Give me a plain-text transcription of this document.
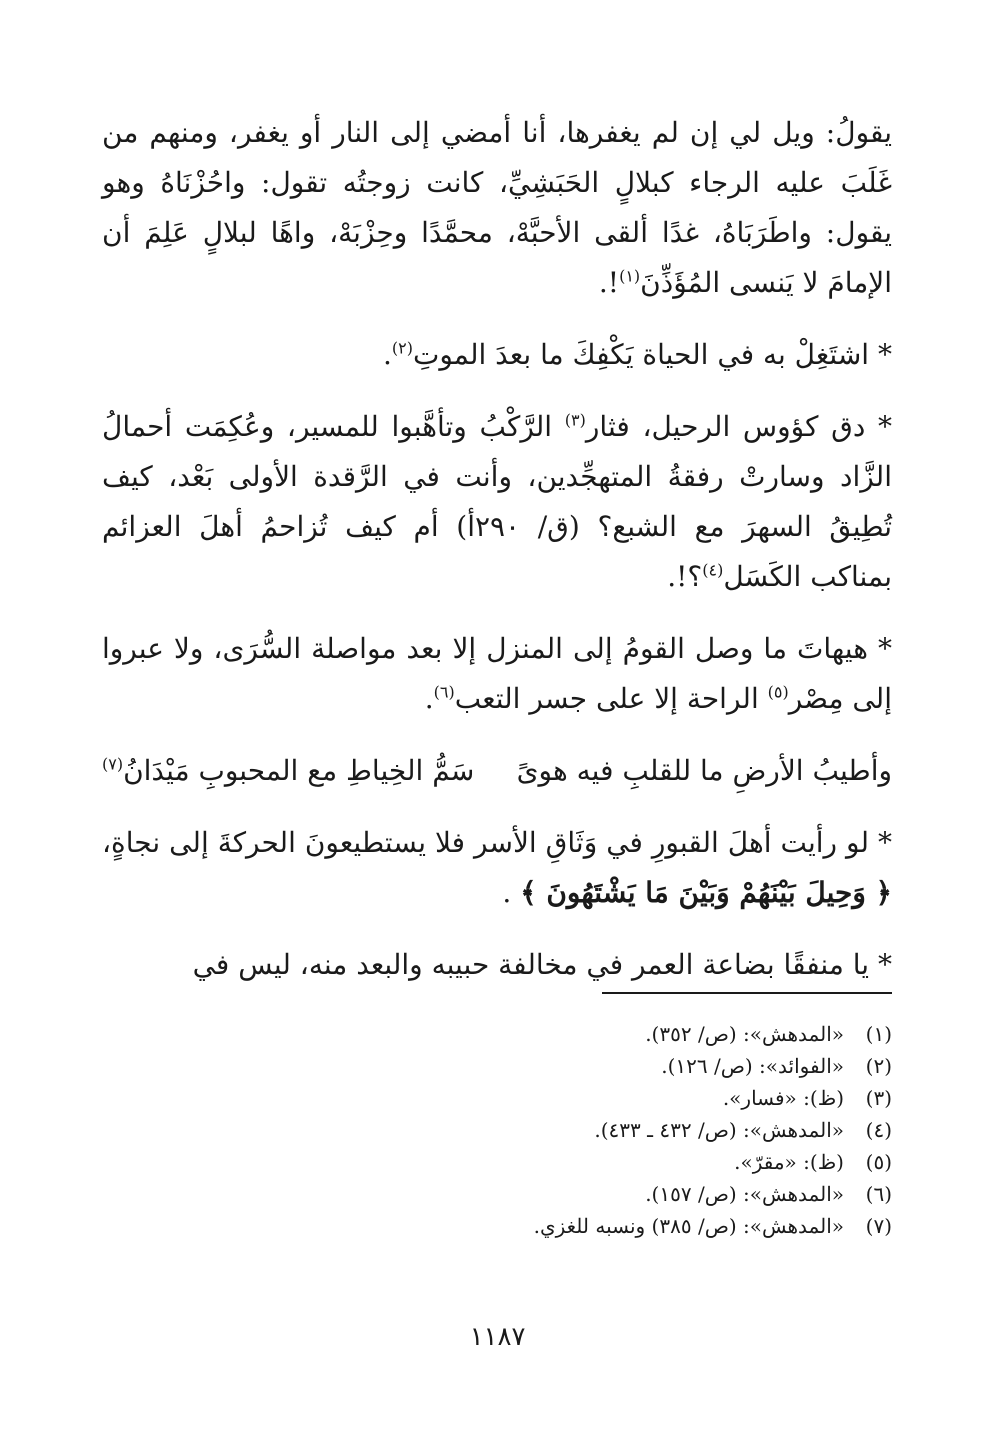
يقولُ: ويل لي إن لم يغفرها، أنا أمضي إلى النار أو يغفر، ومنهم من غَلَبَ عليه الرجاء كبلالٍ الحَبَشِيِّ، كانت زوجتُه تقول: واحُزْنَاهُ وهو يقول: واطَرَبَاهُ، غدًا ألقى الأحبَّهْ، محمَّدًا وحِزْبَهْ، واهًا لبلالٍ عَلِمَ أن الإمامَ لا يَنسى المُؤَذِّنَ$^{(١)}$!.

* اشتَغِلْ به في الحياة يَكْفِكَ ما بعدَ الموتِ$^{(٢)}$.

* دق كؤوس الرحيل، فثار$^{(٣)}$ الرَّكْبُ وتأهَّبوا للمسير، وعُكِمَت أحمالُ الزَّاد وسارتْ رفقةُ المتهجِّدين، وأنت في الرَّقدة الأولى بَعْد، كيف تُطِيقُ السهرَ مع الشبع؟ (ق/ ٢٩٠أ) أم كيف تُزاحمُ أهلَ العزائم بمناكب الكَسَل$^{(٤)}$؟!.

* هيهاتَ ما وصل القومُ إلى المنزل إلا بعد مواصلة السُّرَى، ولا عبروا إلى مِصْر$^{(٥)}$ الراحة إلا على جسر التعب$^{(٦)}$.

وأطيبُ الأرضِ ما للقلبِ فيه هوىً
سَمُّ الخِياطِ مع المحبوبِ مَيْدَانُ$^{(٧)}$

* لو رأيت أهلَ القبورِ في وَثَاقِ الأسر فلا يستطيعونَ الحركةَ إلى نجاةٍ، ﴿ وَحِيلَ بَيْنَهُمْ وَبَيْنَ مَا يَشْتَهُونَ ﴾ .

* يا منفقًا بضاعة العمر في مخالفة حبيبه والبعد منه، ليس في

(١)«المدهش»: (ص/ ٣٥٢).

(٢)«الفوائد»: (ص/ ١٢٦).

(٣)(ظ): «فسار».

(٤)«المدهش»: (ص/ ٤٣٢ ـ ٤٣٣).

(٥)(ظ): «مقرّ».

(٦)«المدهش»: (ص/ ١٥٧).

(٧)«المدهش»: (ص/ ٣٨٥) ونسبه للغزي.

١١٨٧
